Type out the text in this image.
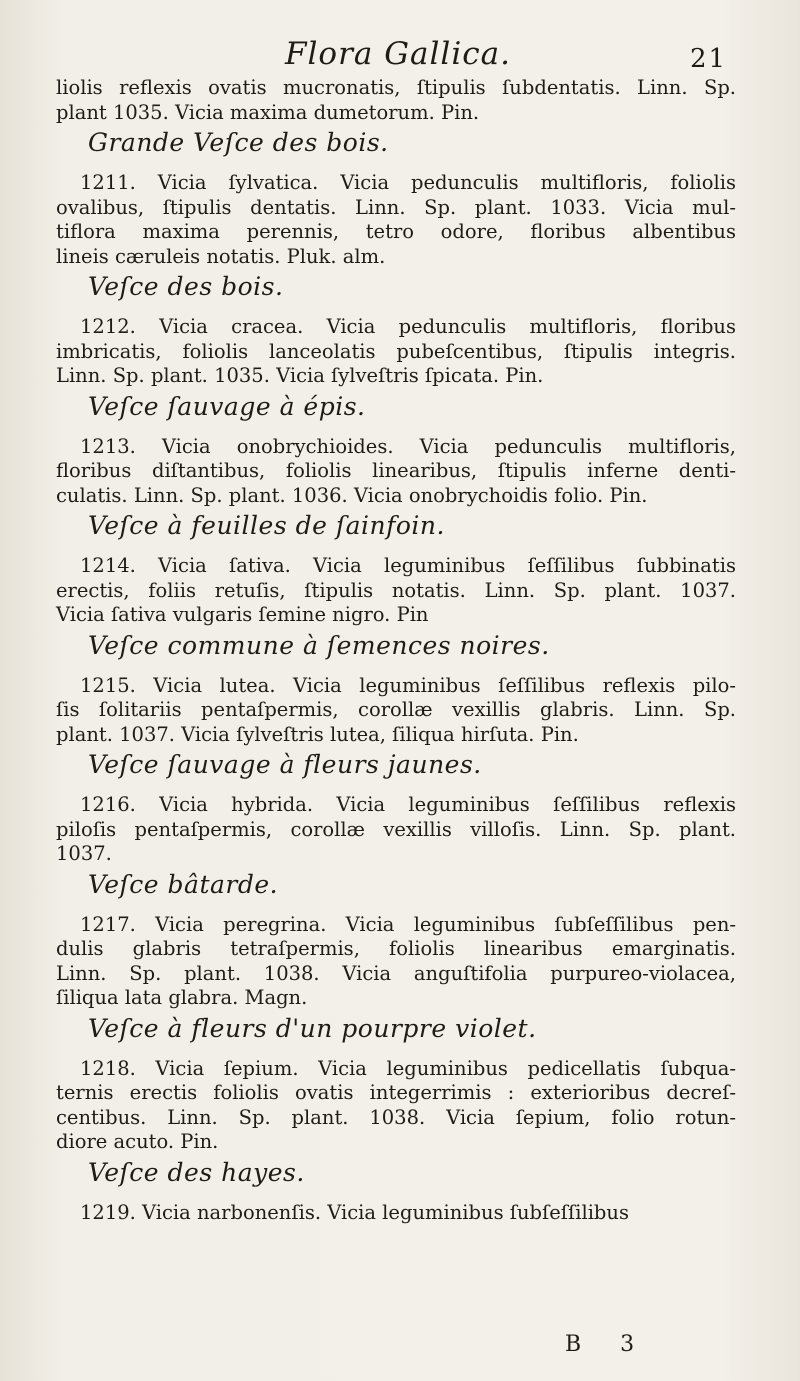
Flora Gallica.	21
liolis reflexis ovatis mucronatis, ſtipulis ſubdentatis. Linn. Sp.
plant 1035. Vicia maxima dumetorum. Pin.
Grande Veſce des bois.
1211. Vicia ſylvatica. Vicia pedunculis multifloris, foliolis
ovalibus, ſtipulis dentatis. Linn. Sp. plant. 1033. Vicia mul-
tiflora maxima perennis, tetro odore, floribus albentibus
lineis cæruleis notatis. Pluk. alm.
Veſce des bois.
1212. Vicia cracea. Vicia pedunculis multifloris, floribus
imbricatis, foliolis lanceolatis pubeſcentibus, ſtipulis integris.
Linn. Sp. plant. 1035. Vicia ſylveſtris ſpicata. Pin.
Veſce ſauvage à épis.
1213. Vicia onobrychioides. Vicia pedunculis multifloris,
floribus diſtantibus, foliolis linearibus, ſtipulis inferne denti-
culatis. Linn. Sp. plant. 1036. Vicia onobrychoidis folio. Pin.
Veſce à feuilles de ſainfoin.
1214. Vicia ſativa. Vicia leguminibus ſeſſilibus ſubbinatis
erectis, foliis retuſis, ſtipulis notatis. Linn. Sp. plant. 1037.
Vicia ſativa vulgaris ſemine nigro. Pin
Veſce commune à ſemences noires.
1215. Vicia lutea. Vicia leguminibus ſeſſilibus reflexis pilo-
ſis ſolitariis pentaſpermis, corollæ vexillis glabris. Linn. Sp.
plant. 1037. Vicia ſylveſtris lutea, ſiliqua hirſuta. Pin.
Veſce ſauvage à fleurs jaunes.
1216. Vicia hybrida. Vicia leguminibus ſeſſilibus reflexis
piloſis pentaſpermis, corollæ vexillis villoſis. Linn. Sp. plant.
1037.
Veſce bâtarde.
1217. Vicia peregrina. Vicia leguminibus ſubſeſſilibus pen-
dulis glabris tetraſpermis, foliolis linearibus emarginatis.
Linn. Sp. plant. 1038. Vicia anguſtifolia purpureo-violacea,
ſiliqua lata glabra. Magn.
Veſce à fleurs d'un pourpre violet.
1218. Vicia ſepium. Vicia leguminibus pedicellatis ſubqua-
ternis erectis foliolis ovatis integerrimis : exterioribus decreſ-
centibus. Linn. Sp. plant. 1038. Vicia ſepium, folio rotun-
diore acuto. Pin.
Veſce des hayes.
1219. Vicia narbonenſis. Vicia leguminibus ſubſeſſilibus
B 3
